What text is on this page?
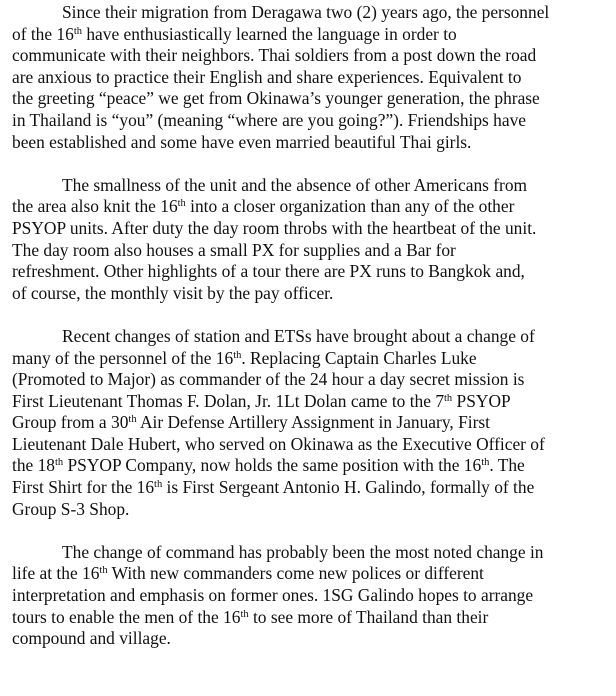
Since their migration from Deragawa two (2) years ago, the personnel
of the 16th have enthusiastically learned the language in order to
communicate with their neighbors. Thai soldiers from a post down the road
are anxious to practice their English and share experiences. Equivalent to
the greeting “peace” we get from Okinawa’s younger generation, the phrase
in Thailand is “you” (meaning “where are you going?”). Friendships have
been established and some have even married beautiful Thai girls.
The smallness of the unit and the absence of other Americans from
the area also knit the 16th into a closer organization than any of the other
PSYOP units. After duty the day room throbs with the heartbeat of the unit.
The day room also houses a small PX for supplies and a Bar for
refreshment. Other highlights of a tour there are PX runs to Bangkok and,
of course, the monthly visit by the pay officer.
Recent changes of station and ETSs have brought about a change of
many of the personnel of the 16th. Replacing Captain Charles Luke
(Promoted to Major) as commander of the 24 hour a day secret mission is
First Lieutenant Thomas F. Dolan, Jr. 1Lt Dolan came to the 7th PSYOP
Group from a 30th Air Defense Artillery Assignment in January, First
Lieutenant Dale Hubert, who served on Okinawa as the Executive Officer of
the 18th PSYOP Company, now holds the same position with the 16th. The
First Shirt for the 16th is First Sergeant Antonio H. Galindo, formally of the
Group S-3 Shop.
The change of command has probably been the most noted change in
life at the 16th With new commanders come new polices or different
interpretation and emphasis on former ones. 1SG Galindo hopes to arrange
tours to enable the men of the 16th to see more of Thailand than their
compound and village.
